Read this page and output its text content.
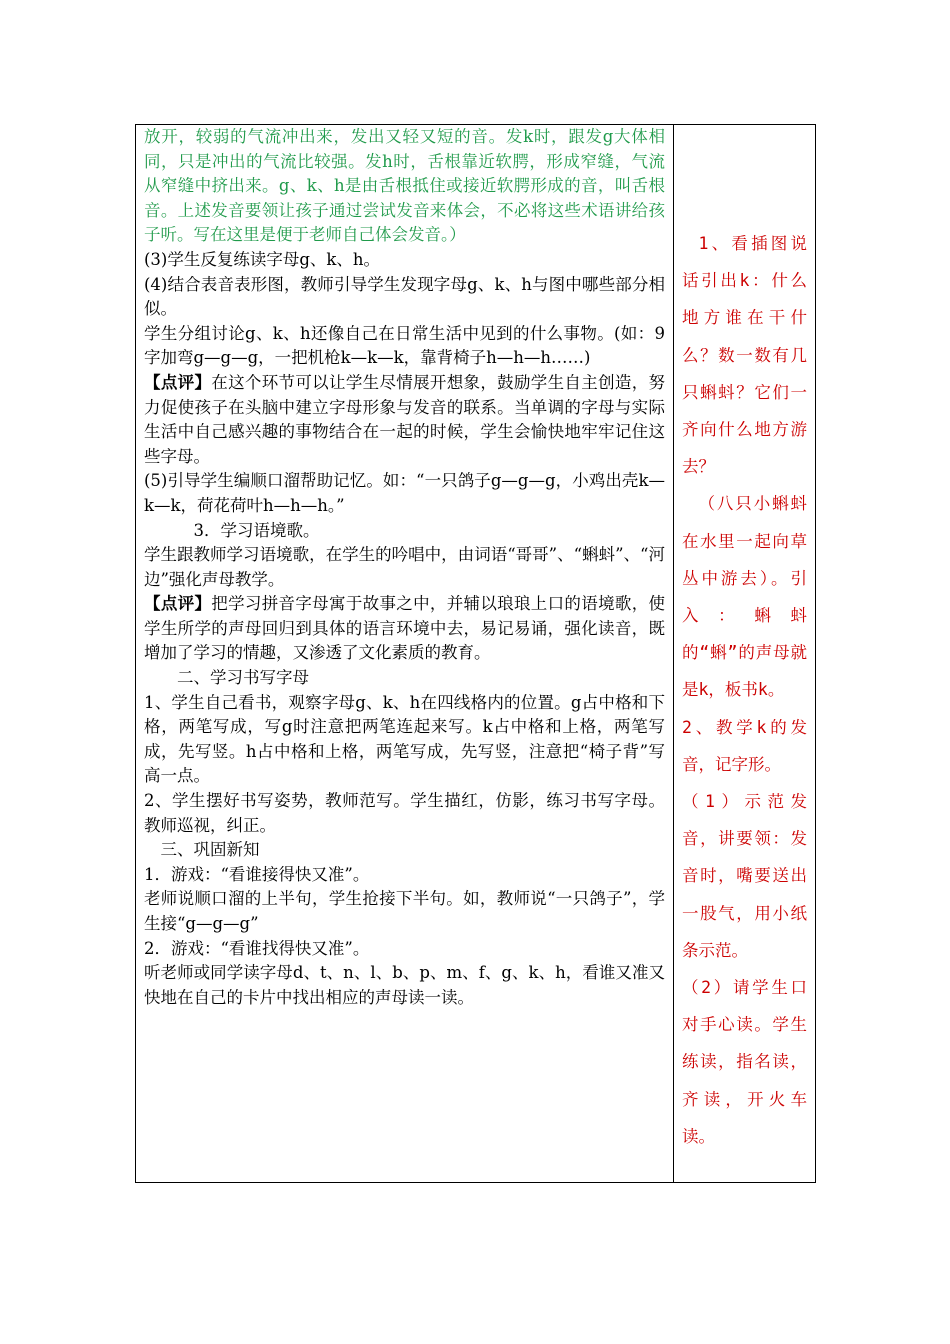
放开，较弱的气流冲出来，发出又轻又短的音。发k时，跟发g大体相同，只是冲出的气流比较强。发h时，舌根靠近软腭，形成窄缝，气流从窄缝中挤出来。g、k、h是由舌根抵住或接近软腭形成的音，叫舌根音。上述发音要领让孩子通过尝试发音来体会，不必将这些术语讲给孩子听。写在这里是便于老师自己体会发音。）

(3)学生反复练读字母g、k、h。

(4)结合表音表形图，教师引导学生发现字母g、k、h与图中哪些部分相似。

学生分组讨论g、k、h还像自己在日常生活中见到的什么事物。(如：9字加弯g—g—g，一把机枪k—k—k，靠背椅子h—h—h……)

【点评】在这个环节可以让学生尽情展开想象，鼓励学生自主创造，努力促使孩子在头脑中建立字母形象与发音的联系。当单调的字母与实际生活中自己感兴趣的事物结合在一起的时候，学生会愉快地牢牢记住这些字母。

(5)引导学生编顺口溜帮助记忆。如：“一只鸽子g—g—g，小鸡出壳k—k—k，荷花荷叶h—h—h。”

3．学习语境歌。

学生跟教师学习语境歌，在学生的吟唱中，由词语“哥哥”、“蝌蚪”、“河边”强化声母教学。

【点评】把学习拼音字母寓于故事之中，并辅以琅琅上口的语境歌，使学生所学的声母回归到具体的语言环境中去，易记易诵，强化读音，既增加了学习的情趣，又渗透了文化素质的教育。

二、学习书写字母

1、学生自己看书，观察字母g、k、h在四线格内的位置。g占中格和下格，两笔写成，写g时注意把两笔连起来写。k占中格和上格，两笔写成，先写竖。h占中格和上格，两笔写成，先写竖，注意把“椅子背”写高一点。

2、学生摆好书写姿势，教师范写。学生描红，仿影，练习书写字母。教师巡视，纠正。

三、巩固新知

1．游戏：“看谁接得快又准”。

老师说顺口溜的上半句，学生抢接下半句。如，教师说“一只鸽子”，学生接“g—g—g”

2．游戏：“看谁找得快又准”。

听老师或同学读字母d、t、n、l、b、p、m、f、g、k、h，看谁又准又快地在自己的卡片中找出相应的声母读一读。

1、看插图说话引出k：什么地方谁在干什么？数一数有几只蝌蚪？它们一齐向什么地方游去？

（八只小蝌蚪在水里一起向草丛中游去）。引入：蝌蚪的“蝌”的声母就是k，板书k。

2、教学k的发音，记字形。

（1）示范发音，讲要领：发音时，嘴要送出一股气，用小纸条示范。

（2）请学生口对手心读。学生练读，指名读，齐读，开火车读。
